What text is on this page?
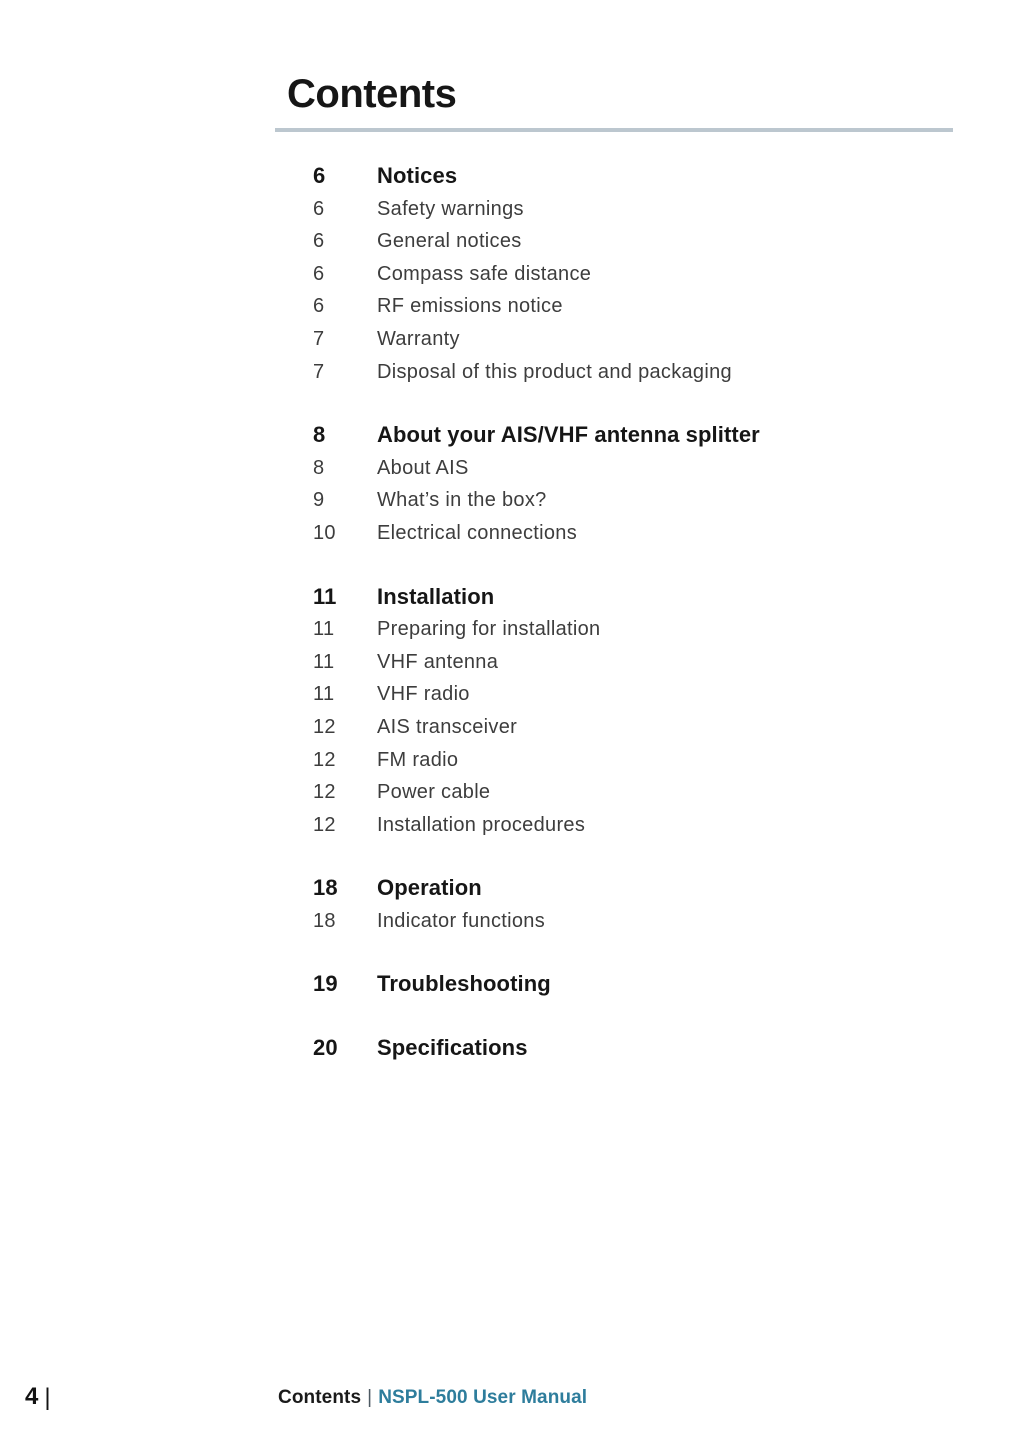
Contents
6	Notices
6	Safety warnings
6	General notices
6	Compass safe distance
6	RF emissions notice
7	Warranty
7	Disposal of this product and packaging
8	About your AIS/VHF antenna splitter
8	About AIS
9	What’s in the box?
10	Electrical connections
11	Installation
11	Preparing for installation
11	VHF antenna
11	VHF radio
12	AIS transceiver
12	FM radio
12	Power cable
12	Installation procedures
18	Operation
18	Indicator functions
19	Troubleshooting
20	Specifications
4 |	Contents | NSPL-500 User Manual
